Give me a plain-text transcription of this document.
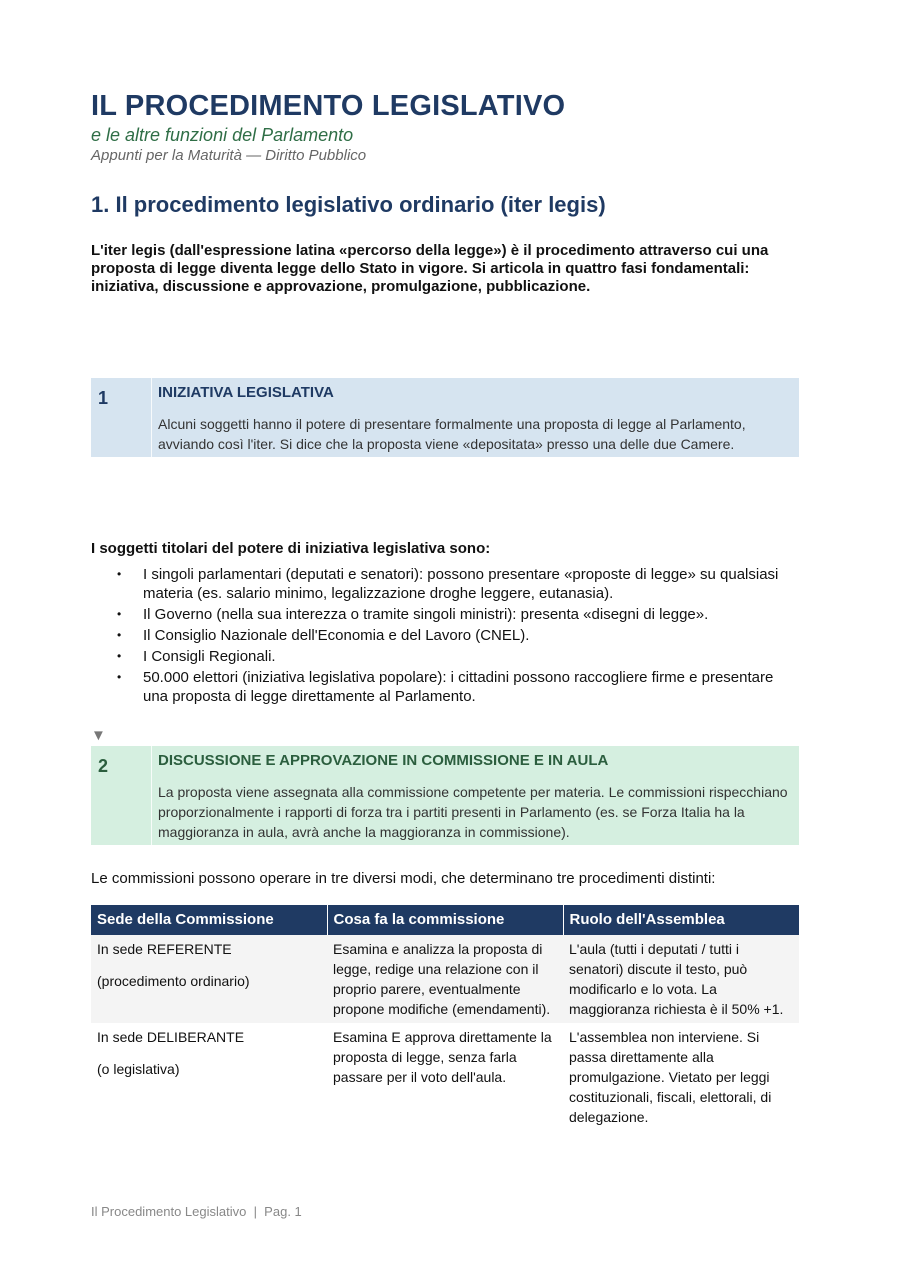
IL PROCEDIMENTO LEGISLATIVO
e le altre funzioni del Parlamento
Appunti per la Maturità — Diritto Pubblico
1. Il procedimento legislativo ordinario (iter legis)

L'iter legis (dall'espressione latina «percorso della legge») è il procedimento attraverso cui una proposta di legge diventa legge dello Stato in vigore. Si articola in quattro fasi fondamentali: iniziativa, discussione e approvazione, promulgazione, pubblicazione.

1	INIZIATIVA LEGISLATIVA
Alcuni soggetti hanno il potere di presentare formalmente una proposta di legge al Parlamento, avviando così l'iter. Si dice che la proposta viene «depositata» presso una delle due Camere.
I soggetti titolari del potere di iniziativa legislativa sono:
• I singoli parlamentari (deputati e senatori): possono presentare «proposte di legge» su qualsiasi materia (es. salario minimo, legalizzazione droghe leggere, eutanasia).
• Il Governo (nella sua interezza o tramite singoli ministri): presenta «disegni di legge».
• Il Consiglio Nazionale dell'Economia e del Lavoro (CNEL).
• I Consigli Regionali.
• 50.000 elettori (iniziativa legislativa popolare): i cittadini possono raccogliere firme e presentare una proposta di legge direttamente al Parlamento.
▼
2	DISCUSSIONE E APPROVAZIONE IN COMMISSIONE E IN AULA
La proposta viene assegnata alla commissione competente per materia. Le commissioni rispecchiano proporzionalmente i rapporti di forza tra i partiti presenti in Parlamento (es. se Forza Italia ha la maggioranza in aula, avrà anche la maggioranza in commissione).
Le commissioni possono operare in tre diversi modi, che determinano tre procedimenti distinti:
Sede della Commissione	Cosa fa la commissione	Ruolo dell'Assemblea
In sede REFERENTE
(procedimento ordinario)	Esamina e analizza la proposta di legge, redige una relazione con il proprio parere, eventualmente propone modifiche (emendamenti).	L'aula (tutti i deputati / tutti i senatori) discute il testo, può modificarlo e lo vota. La maggioranza richiesta è il 50% +1.
In sede DELIBERANTE
(o legislativa)	Esamina E approva direttamente la proposta di legge, senza farla passare per il voto dell'aula.	L'assemblea non interviene. Si passa direttamente alla promulgazione. Vietato per leggi costituzionali, fiscali, elettorali, di delegazione.
Il Procedimento Legislativo  |  Pag. 1
